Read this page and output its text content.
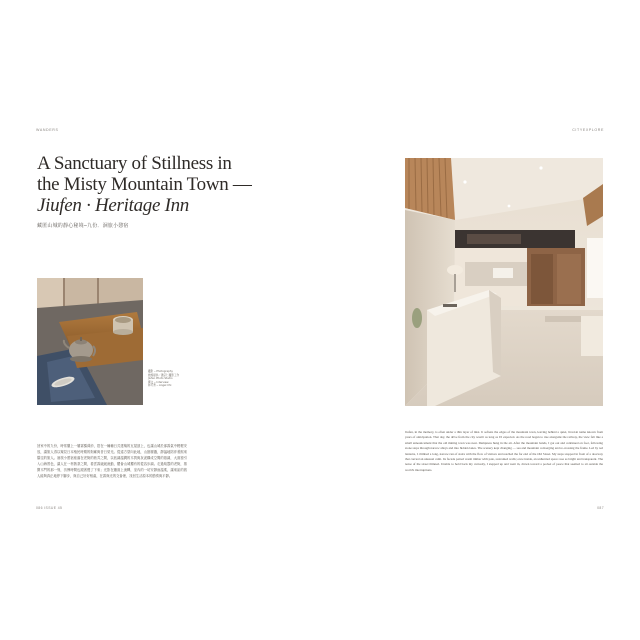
WANDERS	CITYEXPLORE
A Sanctuary of Stillness in
the Misty Mountain Town —
Jiufen · Heritage Inn
藏匿山城的靜心秘境─九份．洄旅小憩宿
攝影 ─ Photography
旅館提供／蕭宗仁攝影工作
Jiufen Photo Studio
撰文 ─ Interview
林芳菁 ─ Angel Chi

回家中的九份，時常攏上一層霧靄薄紗，搭在一幢幢日式建築的瓦屋頂上，也讓山城於那霧氣中輕輕安放，讓旅人得以窺見日本殖民時期的街廓與昔日榮光。從遠方望向此地，山巒層疊，靜謐地陪伴著熙來攘往的旅人。洄旅小憩宿座落在老街的巷弄之間，以低調溫潤的木質與灰泥構成空間的基調，大面窗引入山海景色，讓人在一杯熱茶之間，看雲霧緩緩流動，體會山城獨有的從容步調。走過喧囂的老街，推開木門的那一刻，彷彿時間也跟著慢了下來；光影在牆面上流轉，室內的一切安靜而溫柔，讓來訪的旅人能夠真正地停下腳步，與自己好好相處，在霧與光的交會裡，找回生活原本的節奏與平靜。

Jiufen, in the memory, is often under a thin layer of mist. It softens the edges of the mountain town, leaving behind a quiet, lived-in name known from years of anticipation. That day, the drive from the city wasn't as long as I'd expected. As the road began to rise alongside the railway, the view felt like a small announcement that the old mining town was near. Dampness hung in the air. After the mountain bends, I got out and continued on foot, following stone steps through narrow alleys and into hidden lanes. The scenery kept changing — sea and mountain converging and re-crossing the frame. Led by red lanterns, I climbed a long, narrow run of stairs with the flow of visitors and reached the far end of the Old Street. My steps stopped in front of a doorway that carried an unusual calm. Its facade paired warm timber with pale, restrained walls; once inside, an unhurried space rose as bright and transparent. The noise of the street thinned. Unable to hold back my curiosity, I stepped up and went in, drawn toward a pocket of peace that seemed to sit outside the world's interruptions.

086 ISSUE 45	087
